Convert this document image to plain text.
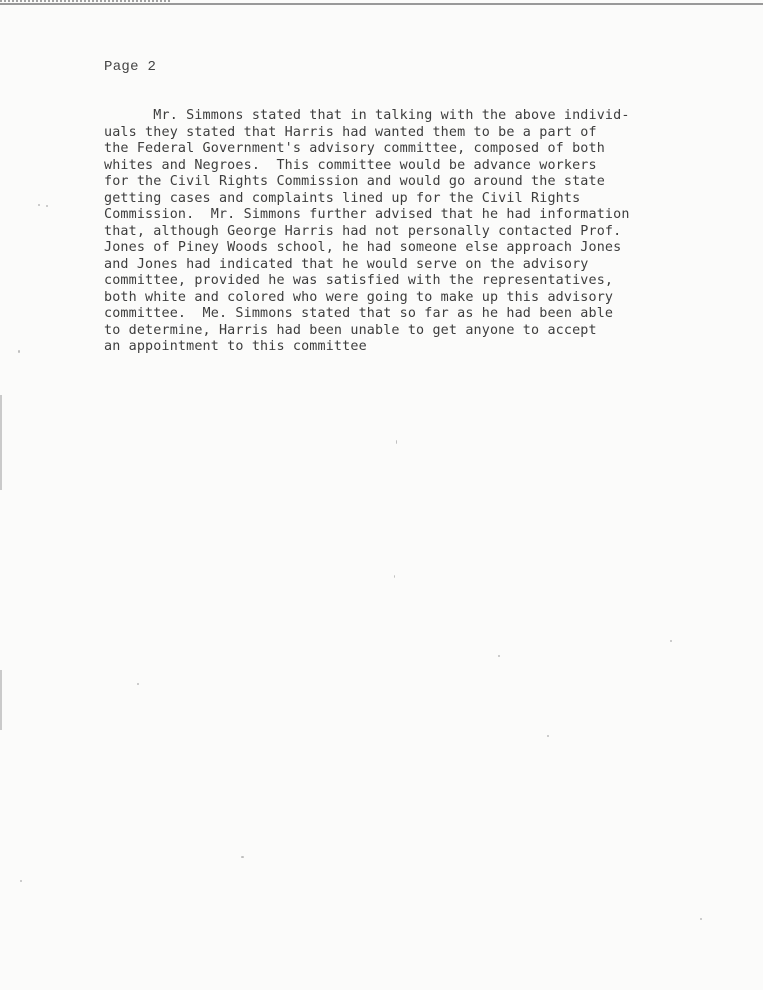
Page 2
Mr. Simmons stated that in talking with the above individ-
uals they stated that Harris had wanted them to be a part of
the Federal Government's advisory committee, composed of both
whites and Negroes.  This committee would be advance workers
for the Civil Rights Commission and would go around the state
getting cases and complaints lined up for the Civil Rights
Commission.  Mr. Simmons further advised that he had information
that, although George Harris had not personally contacted Prof.
Jones of Piney Woods school, he had someone else approach Jones
and Jones had indicated that he would serve on the advisory
committee, provided he was satisfied with the representatives,
both white and colored who were going to make up this advisory
committee.  Me. Simmons stated that so far as he had been able
to determine, Harris had been unable to get anyone to accept
an appointment to this committee
